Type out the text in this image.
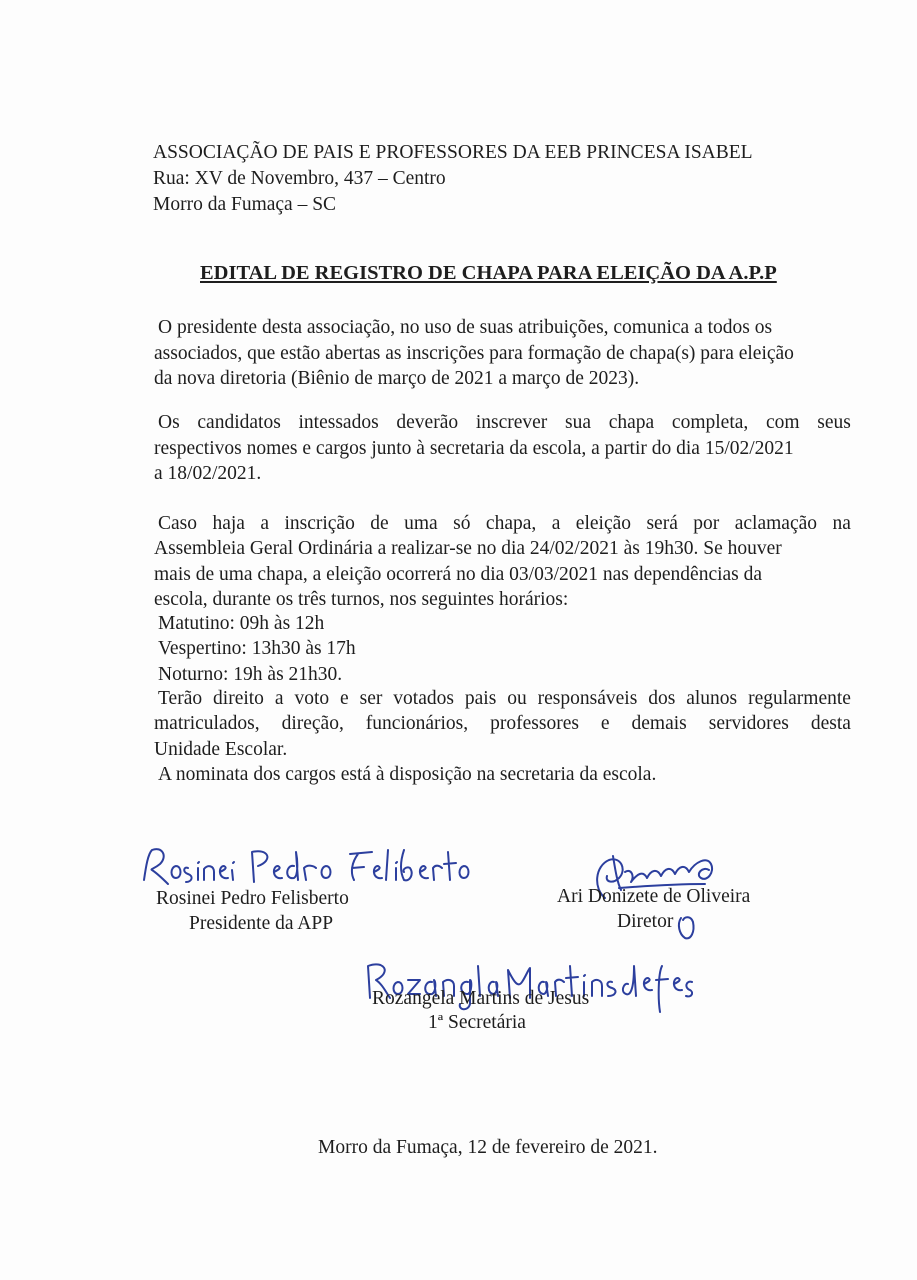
ASSOCIAÇÃO DE PAIS E PROFESSORES DA EEB PRINCESA ISABEL
Rua: XV de Novembro, 437 – Centro
Morro da Fumaça – SC
EDITAL DE REGISTRO DE CHAPA PARA ELEIÇÃO DA A.P.P
O presidente desta associação, no uso de suas atribuições, comunica a todos os
associados, que estão abertas as inscrições para formação de chapa(s) para eleição
da nova diretoria (Biênio de março de 2021 a março de 2023).
Os candidatos intessados deverão inscrever sua chapa completa, com seus
respectivos nomes e cargos junto à secretaria da escola, a partir do dia 15/02/2021
a 18/02/2021.
Caso haja a inscrição de uma só chapa, a eleição será por aclamação na
Assembleia Geral Ordinária a realizar-se no dia 24/02/2021 às 19h30. Se houver
mais de uma chapa, a eleição ocorrerá no dia 03/03/2021 nas dependências da
escola, durante os três turnos, nos seguintes horários:
Matutino: 09h às 12h
Vespertino: 13h30 às 17h
Noturno: 19h às 21h30.
Terão direito a voto e ser votados pais ou responsáveis dos alunos regularmente
matriculados, direção, funcionários, professores e demais servidores desta
Unidade Escolar.
A nominata dos cargos está à disposição na secretaria da escola.
Rosinei Pedro Felisberto
Presidente da APP
Ari Donizete de Oliveira
Diretor
Rozangela Martins de Jesus
1ª Secretária
Morro da Fumaça, 12 de fevereiro de 2021.
